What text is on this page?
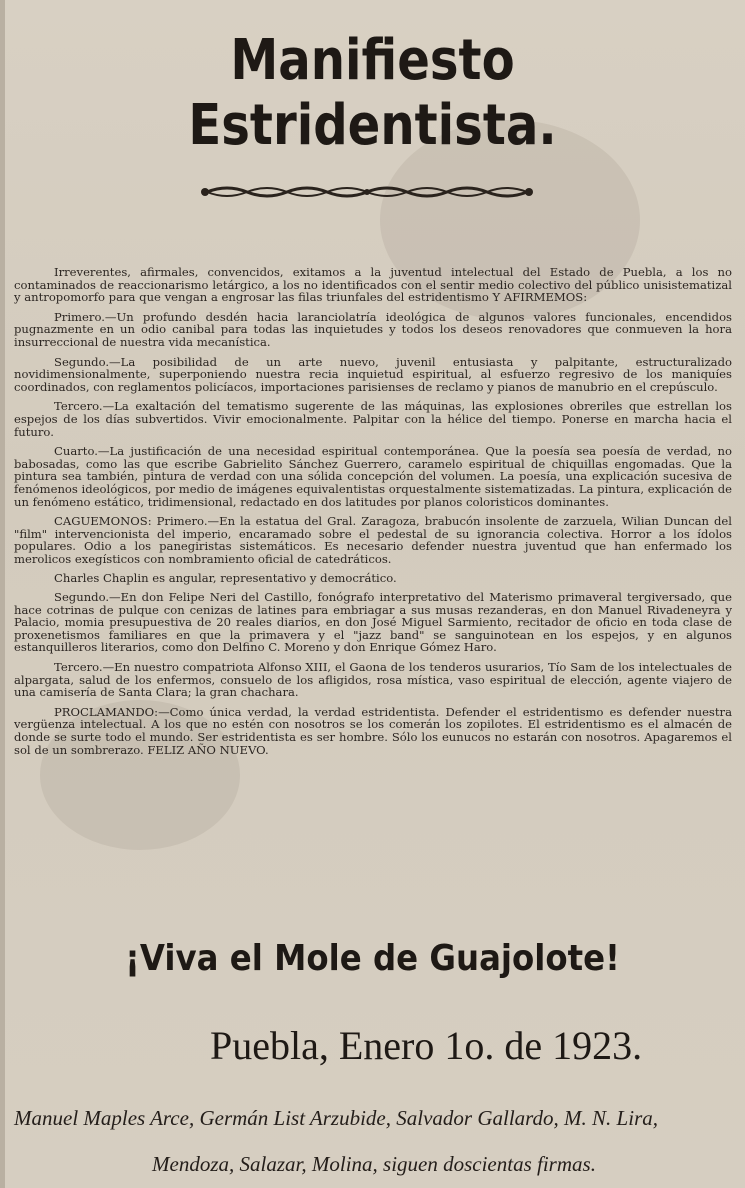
Manifiesto Estridentista.

Irreverentes, afirmales, convencidos, exitamos a la juventud intelectual del Estado de Puebla, a los no contaminados de reaccionarismo letárgico, a los no identificados con el sentir medio colectivo del público unisistematizal y antropomorfo para que vengan a engrosar las filas triunfales del estridentismo Y AFIRMEMOS:

Primero.—Un profundo desdén hacia laranciolatría ideológica de algunos valores funcionales, encendidos pugnazmente en un odio canibal para todas las inquietudes y todos los deseos renovadores que conmueven la hora insurreccional de nuestra vida mecanística.

Segundo.—La posibilidad de un arte nuevo, juvenil entusiasta y palpitante, estructuralizado novidimensionalmente, superponiendo nuestra recia inquietud espiritual, al esfuerzo regresivo de los maniquíes coordinados, con reglamentos policíacos, importaciones parisienses de reclamo y pianos de manubrio en el crepúsculo.

Tercero.—La exaltación del tematismo sugerente de las máquinas, las explosiones obreriles que estrellan los espejos de los días subvertidos. Vivir emocionalmente. Palpitar con la hélice del tiempo. Ponerse en marcha hacia el futuro.

Cuarto.—La justificación de una necesidad espiritual contemporánea. Que la poesía sea poesía de verdad, no babosadas, como las que escribe Gabrielito Sánchez Guerrero, caramelo espiritual de chiquillas engomadas. Que la pintura sea también, pintura de verdad con una sólida concepción del volumen. La poesía, una explicación sucesiva de fenómenos ideológicos, por medio de imágenes equivalentistas orquestalmente sistematizadas. La pintura, explicación de un fenómeno estático, tridimensional, redactado en dos latitudes por planos coloristicos dominantes.

CAGUEMONOS: Primero.—En la estatua del Gral. Zaragoza, brabucón insolente de zarzuela, Wilian Duncan del "film" intervencionista del imperio, encaramado sobre el pedestal de su ignorancia colectiva. Horror a los ídolos populares. Odio a los panegiristas sistemáticos. Es necesario defender nuestra juventud que han enfermado los merolicos exegísticos con nombramiento oficial de catedráticos.

Charles Chaplin es angular, representativo y democrático.

Segundo.—En don Felipe Neri del Castillo, fonógrafo interpretativo del Materismo primaveral tergiversado, que hace cotrinas de pulque con cenizas de latines para embriagar a sus musas rezanderas, en don Manuel Rivadeneyra y Palacio, momia presupuestiva de 20 reales diarios, en don José Miguel Sarmiento, recitador de oficio en toda clase de proxenetismos familiares en que la primavera y el "jazz band" se sanguinotean en los espejos, y en algunos estanquilleros literarios, como don Delfino C. Moreno y don Enrique Gómez Haro.

Tercero.—En nuestro compatriota Alfonso XIII, el Gaona de los tenderos usurarios, Tío Sam de los intelectuales de alpargata, salud de los enfermos, consuelo de los afligidos, rosa mística, vaso espiritual de elección, agente viajero de una camisería de Santa Clara; la gran chachara.

PROCLAMANDO:—Como única verdad, la verdad estridentista. Defender el estridentismo es defender nuestra vergüenza intelectual. A los que no estén con nosotros se los comerán los zopilotes. El estridentismo es el almacén de donde se surte todo el mundo. Ser estridentista es ser hombre. Sólo los eunucos no estarán con nosotros. Apagaremos el sol de un sombrerazo. FELIZ AÑO NUEVO.

¡Viva el Mole de Guajolote!
Puebla, Enero 1o. de 1923.
Manuel Maples Arce, Germán List Arzubide, Salvador Gallardo, M. N. Lira,
Mendoza, Salazar, Molina, siguen doscientas firmas.
